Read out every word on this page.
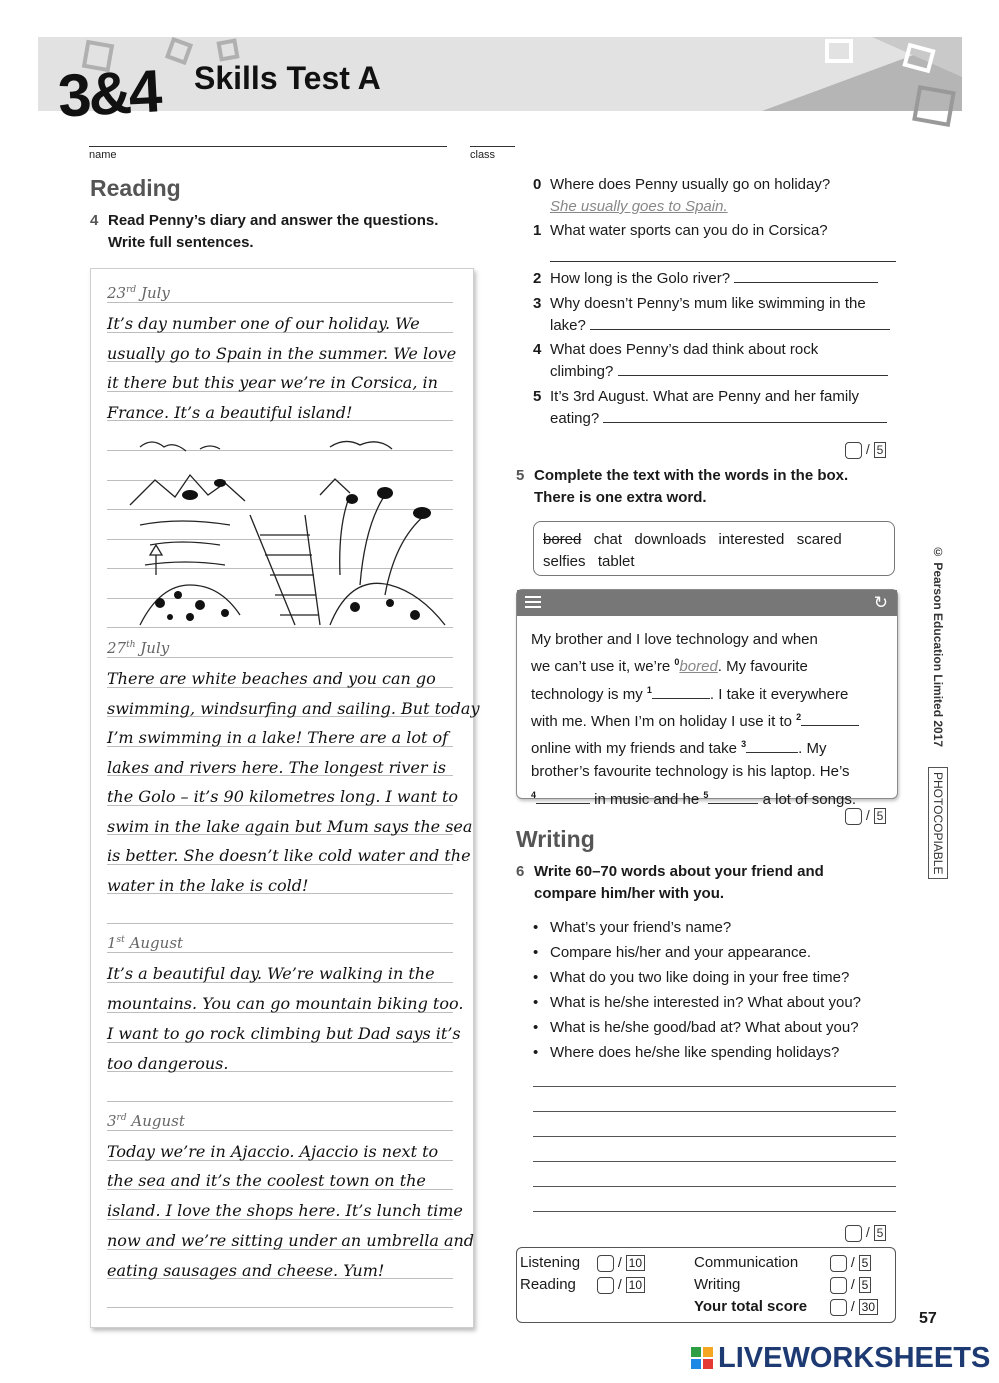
3&4 Skills Test A
name	class
Reading
4 Read Penny’s diary and answer the questions.
Write full sentences.
23rd July
It’s day number one of our holiday. We
usually go to Spain in the summer. We love
it there but this year we’re in Corsica, in
France. It’s a beautiful island!
27th July
There are white beaches and you can go
swimming, windsurfing and sailing. But today
I’m swimming in a lake! There are a lot of
lakes and rivers here. The longest river is
the Golo – it’s 90 kilometres long. I want to
swim in the lake again but Mum says the sea
is better. She doesn’t like cold water and the
water in the lake is cold!
1st August
It’s a beautiful day. We’re walking in the
mountains. You can go mountain biking too.
I want to go rock climbing but Dad says it’s
too dangerous.
3rd August
Today we’re in Ajaccio. Ajaccio is next to
the sea and it’s the coolest town on the
island. I love the shops here. It’s lunch time
now and we’re sitting under an umbrella and
eating sausages and cheese. Yum!
0 Where does Penny usually go on holiday?
She usually goes to Spain.
1 What water sports can you do in Corsica?
2 How long is the Golo river?
3 Why doesn’t Penny’s mum like swimming in the
lake?
4 What does Penny’s dad think about rock
climbing?
5 It’s 3rd August. What are Penny and her family
eating?
/ 5
5 Complete the text with the words in the box.
There is one extra word.
bored chat downloads interested scared
selfies tablet
↻
My brother and I love technology and when
we can’t use it, we’re $^0$bored. My favourite
technology is my $^1$	. I take it everywhere
with me. When I’m on holiday I use it to $^2$
online with my friends and take $^3$	. My
brother’s favourite technology is his laptop. He’s
$^4$	in music and he $^5$	a lot of songs.
/ 5
Writing
6 Write 60–70 words about your friend and
compare him/her with you.
• What’s your friend’s name?
• Compare his/her and your appearance.
• What do you two like doing in your free time?
• What is he/she interested in? What about you?
• What is he/she good/bad at? What about you?
• Where does he/she like spending holidays?
/ 5
Listening	/ 10
Reading	/ 10
Communication	/ 5
Writing	/ 5
Your total score	/ 30
57
© Pearson Education Limited 2017
PHOTOCOPIABLE
LIVEWORKSHEETS
